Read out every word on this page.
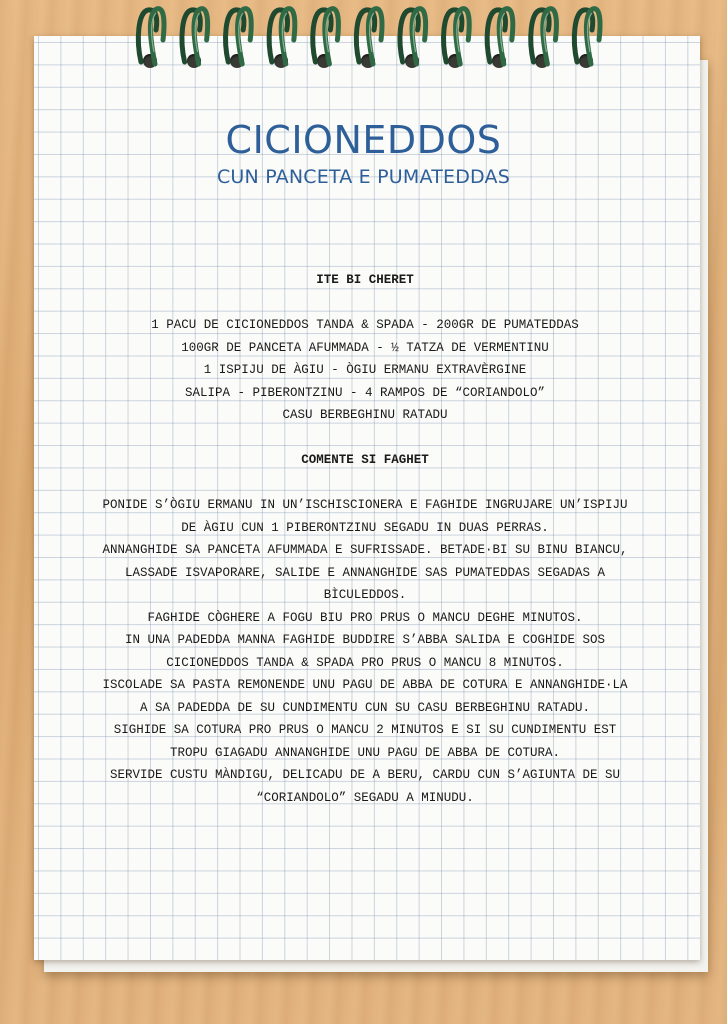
CICIONEDDOS
CUN PANCETA E PUMATEDDAS
ITE BI CHERET
1 PACU DE CICIONEDDOS TANDA & SPADA - 200GR DE PUMATEDDAS
100GR DE PANCETA AFUMMADA - ½ TATZA DE VERMENTINU
1 ISPIJU DE ÀGIU - ÒGIU ERMANU EXTRAVÈRGINE
SALIPA - PIBERONTZINU - 4 RAMPOS DE “CORIANDOLO”
CASU BERBEGHINU RATADU
COMENTE SI FAGHET
PONIDE S’ÒGIU ERMANU IN UN’ISCHISCIONERA E FAGHIDE INGRUJARE UN’ISPIJU
DE ÀGIU CUN 1 PIBERONTZINU SEGADU IN DUAS PERRAS.
ANNANGHIDE SA PANCETA AFUMMADA E SUFRISSADE. BETADE·BI SU BINU BIANCU,
LASSADE ISVAPORARE, SALIDE E ANNANGHIDE SAS PUMATEDDAS SEGADAS A
BÌCULEDDOS.
FAGHIDE CÒGHERE A FOGU BIU PRO PRUS O MANCU DEGHE MINUTOS.
IN UNA PADEDDA MANNA FAGHIDE BUDDIRE S’ABBA SALIDA E COGHIDE SOS
CICIONEDDOS TANDA & SPADA PRO PRUS O MANCU 8 MINUTOS.
ISCOLADE SA PASTA REMONENDE UNU PAGU DE ABBA DE COTURA E ANNANGHIDE·LA
A SA PADEDDA DE SU CUNDIMENTU CUN SU CASU BERBEGHINU RATADU.
SIGHIDE SA COTURA PRO PRUS O MANCU 2 MINUTOS E SI SU CUNDIMENTU EST
TROPU GIAGADU ANNANGHIDE UNU PAGU DE ABBA DE COTURA.
SERVIDE CUSTU MÀNDIGU, DELICADU DE A BERU, CARDU CUN S’AGIUNTA DE SU
“CORIANDOLO” SEGADU A MINUDU.
